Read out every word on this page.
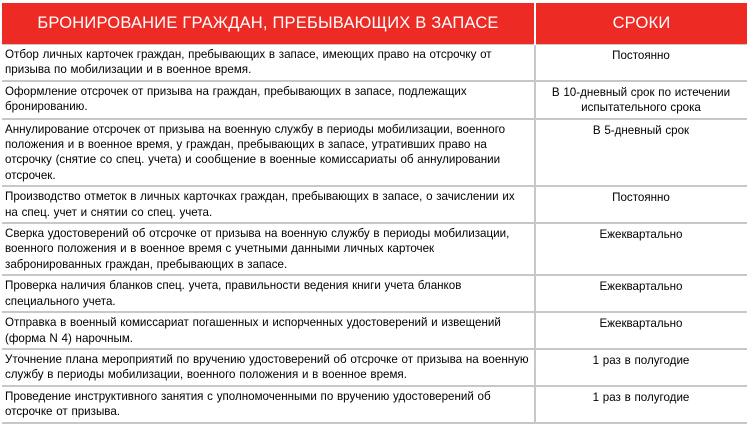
БРОНИРОВАНИЕ ГРАЖДАН, ПРЕБЫВАЮЩИХ В ЗАПАСЕ	СРОКИ
Отбор личных карточек граждан, пребывающих в запасе, имеющих право на отсрочку от призыва по мобилизации и в военное время.	Постоянно
Оформление отсрочек от призыва на граждан, пребывающих в запасе, подлежащих бронированию.	В 10-дневный срок по истечении испытательного срока
Аннулирование отсрочек от призыва на военную службу в периоды мобилизации, военного положения и в военное время, у граждан, пребывающих в запасе, утративших право на отсрочку (снятие со спец. учета) и сообщение в военные комиссариаты об аннулировании отсрочек.	В 5-дневный срок
Производство отметок в личных карточках граждан, пребывающих в запасе, о зачислении их на спец. учет и снятии со спец. учета.	Постоянно
Сверка удостоверений об отсрочке от призыва на военную службу в периоды мобилизации, военного положения и в военное время с учетными данными личных карточек забронированных граждан, пребывающих в запасе.	Ежеквартально
Проверка наличия бланков спец. учета, правильности ведения книги учета бланков специального учета.	Ежеквартально
Отправка в военный комиссариат погашенных и испорченных удостоверений и извещений (форма N 4) нарочным.	Ежеквартально
Уточнение плана мероприятий по вручению удостоверений об отсрочке от призыва на военную службу в периоды мобилизации, военного положения и в военное время.	1 раз в полугодие
Проведение инструктивного занятия с уполномоченными по вручению удостоверений об отсрочке от призыва.	1 раз в полугодие
